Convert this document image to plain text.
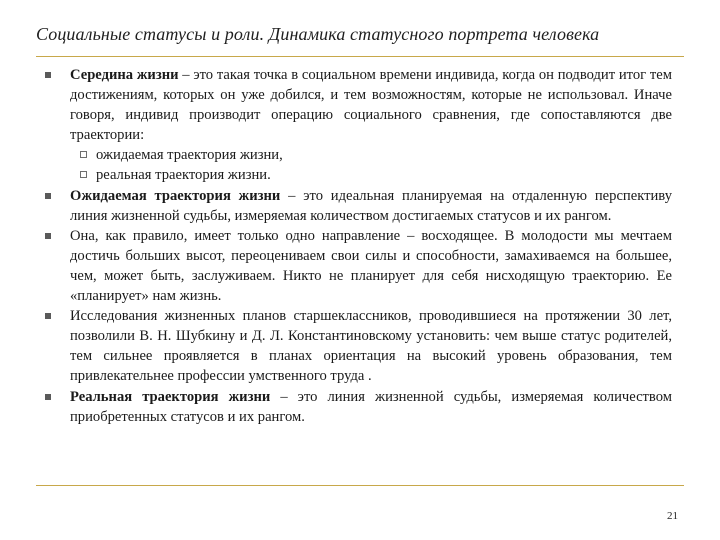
Социальные статусы и роли. Динамика статусного портрета человека
Середина жизни – это такая точка в социальном времени индивида, когда он подводит итог тем достижениям, которых он уже добился, и тем возможностям, которые не использовал. Иначе говоря, индивид производит операцию социального сравнения, где сопоставляются две траектории:
ожидаемая траектория жизни,
реальная траектория жизни.
Ожидаемая траектория жизни – это идеальная планируемая на отдаленную перспективу линия жизненной судьбы, измеряемая количеством достигаемых статусов и их рангом.
Она, как правило, имеет только одно направление – восходящее. В молодости мы мечтаем достичь больших высот, переоцениваем свои силы и способности, замахиваемся на большее, чем, может быть, заслуживаем. Никто не планирует для себя нисходящую траекторию. Ее «планирует» нам жизнь.
Исследования жизненных планов старшеклассников, проводившиеся на протяжении 30 лет, позволили В. Н. Шубкину и Д. Л. Константиновскому установить: чем выше статус родителей, тем сильнее проявляется в планах ориентация на высокий уровень образования, тем привлекательнее профессии умственного труда .
Реальная траектория жизни – это линия жизненной судьбы, измеряемая количеством приобретенных статусов и их рангом.
21
